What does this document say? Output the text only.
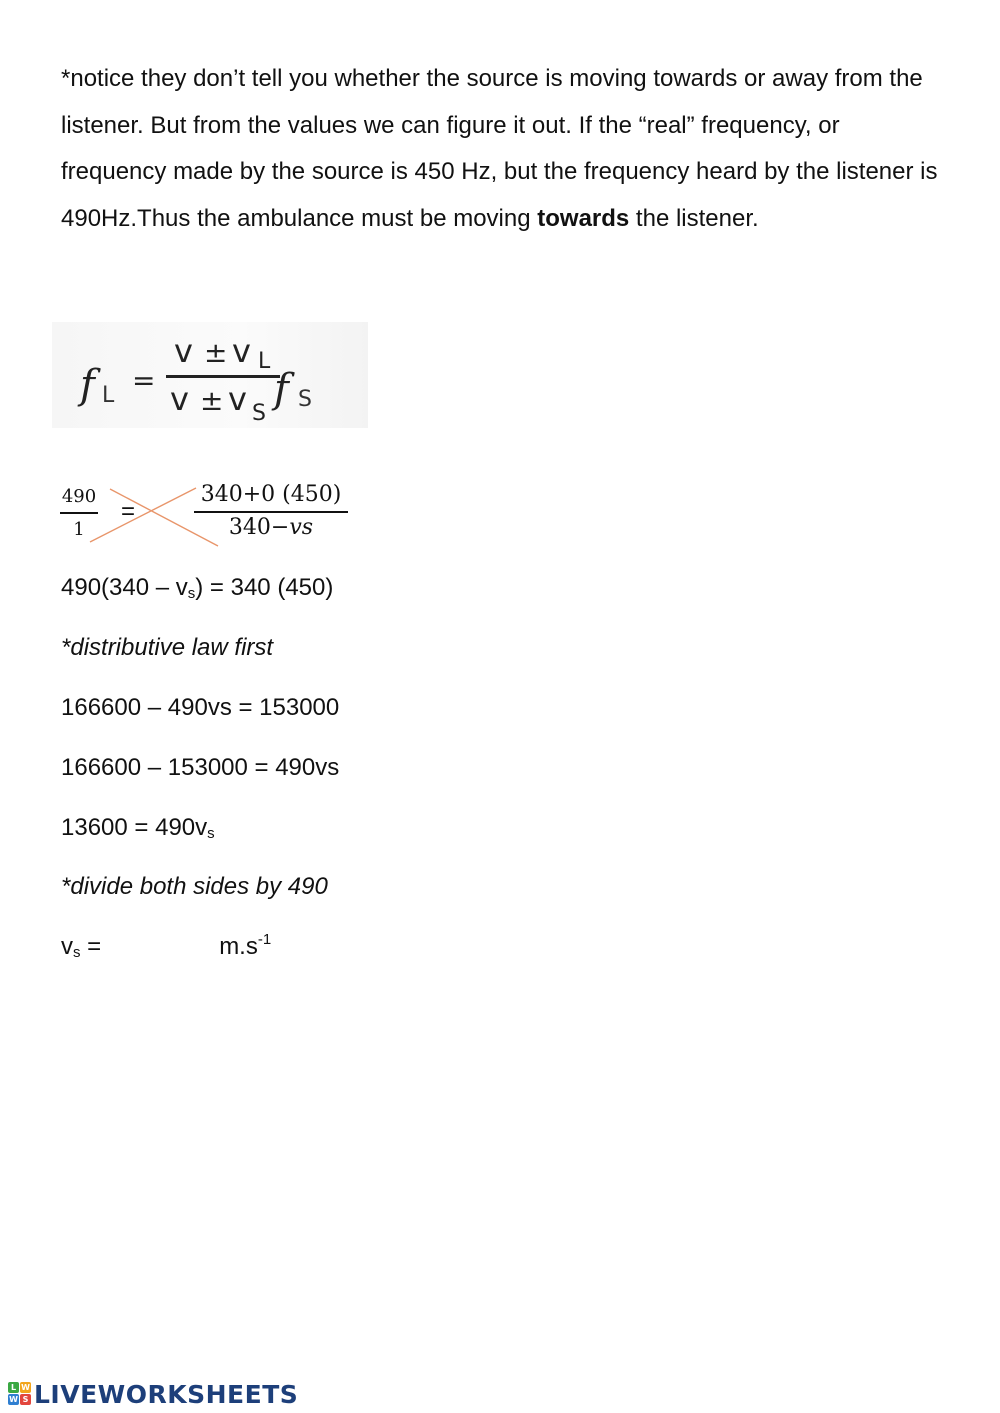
*notice they don’t tell you whether the source is moving towards or away from the listener. But from the values we can figure it out. If the “real” frequency, or frequency made by the source is 450 Hz, but the frequency heard by the listener is 490Hz.Thus the ambulance must be moving towards the listener.
f L =
v ± v L
v ± v S
f S
490
1
=
340+0 (450)
340−vs
490(340 – vs) = 340 (450)
*distributive law first
166600 – 490vs = 153000
166600 – 153000 = 490vs
13600 = 490vs
*divide both sides by 490
vs =	$m.s^{-1}$
L W
W S LIVEWORKSHEETS
